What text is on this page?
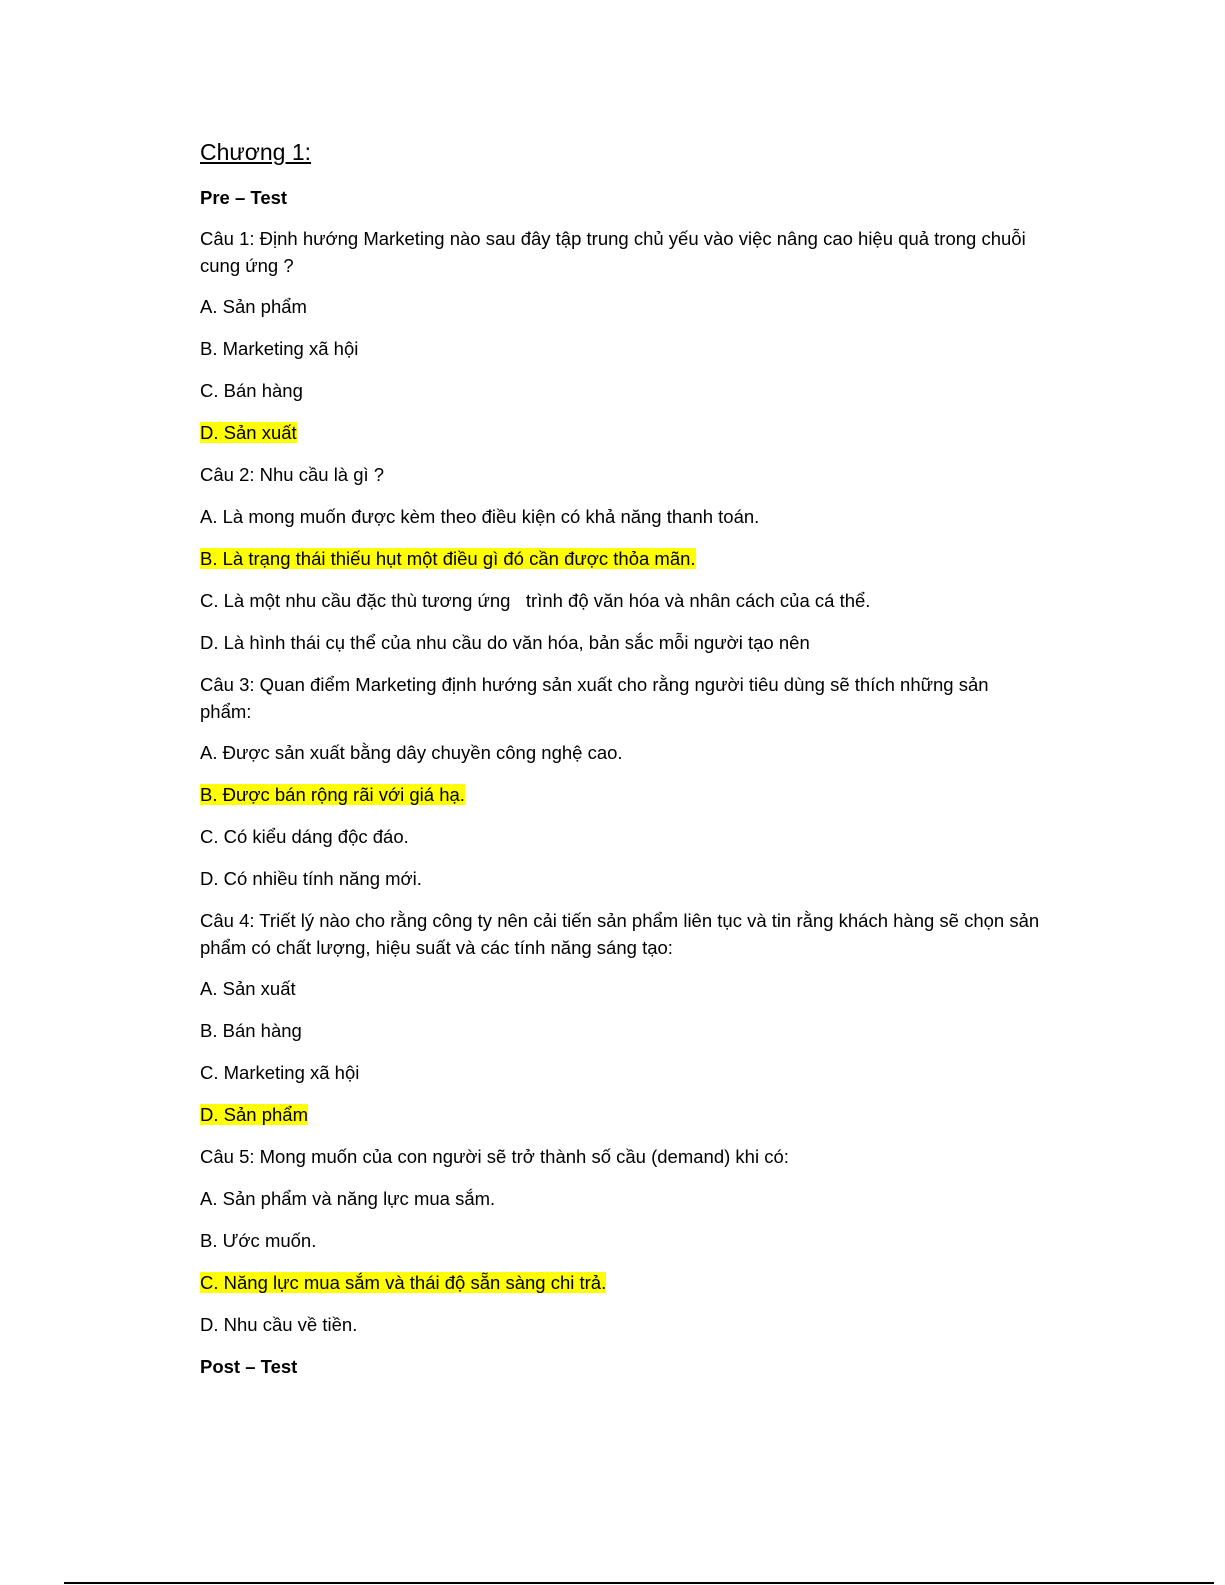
Chương 1:
Pre – Test
Câu 1: Định hướng Marketing nào sau đây tập trung chủ yếu vào việc nâng cao hiệu quả trong chuỗi cung ứng ?
A. Sản phẩm
B. Marketing xã hội
C. Bán hàng
D. Sản xuất
Câu 2: Nhu cầu là gì ?
A. Là mong muốn được kèm theo điều kiện có khả năng thanh toán.
B. Là trạng thái thiếu hụt một điều gì đó cần được thỏa mãn.
C. Là một nhu cầu đặc thù tương ứng   trình độ văn hóa và nhân cách của cá thể.
D. Là hình thái cụ thể của nhu cầu do văn hóa, bản sắc mỗi người tạo nên
Câu 3: Quan điểm Marketing định hướng sản xuất cho rằng người tiêu dùng sẽ thích những sản phẩm:
A. Được sản xuất bằng dây chuyền công nghệ cao.
B. Được bán rộng rãi với giá hạ.
C. Có kiểu dáng độc đáo.
D. Có nhiều tính năng mới.
Câu 4: Triết lý nào cho rằng công ty nên cải tiến sản phẩm liên tục và tin rằng khách hàng sẽ chọn sản phẩm có chất lượng, hiệu suất và các tính năng sáng tạo:
A. Sản xuất
B. Bán hàng
C. Marketing xã hội
D. Sản phẩm
Câu 5: Mong muốn của con người sẽ trở thành số cầu (demand) khi có:
A. Sản phẩm và năng lực mua sắm.
B. Ước muốn.
C. Năng lực mua sắm và thái độ sẵn sàng chi trả.
D. Nhu cầu về tiền.
Post – Test
